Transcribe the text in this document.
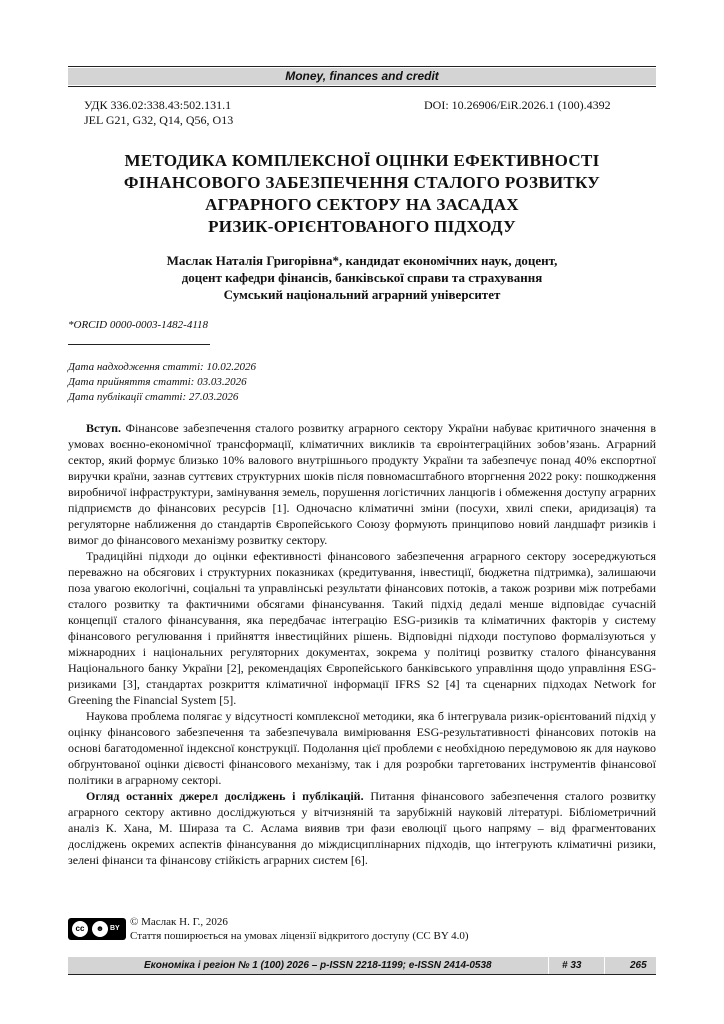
Money, finances and credit
УДК 336.02:338.43:502.131.1
JEL G21, G32, Q14, Q56, O13
DOI: 10.26906/EiR.2026.1 (100).4392
МЕТОДИКА КОМПЛЕКСНОЇ ОЦІНКИ ЕФЕКТИВНОСТІ
ФІНАНСОВОГО ЗАБЕЗПЕЧЕННЯ СТАЛОГО РОЗВИТКУ
АГРАРНОГО СЕКТОРУ НА ЗАСАДАХ
РИЗИК-ОРІЄНТОВАНОГО ПІДХОДУ
Маслак Наталія Григорівна*, кандидат економічних наук, доцент,
доцент кафедри фінансів, банківської справи та страхування
Сумський національний аграрний університет
*ORCID 0000-0003-1482-4118
Дата надходження статті: 10.02.2026
Дата прийняття статті: 03.03.2026
Дата публікації статті: 27.03.2026

Вступ. Фінансове забезпечення сталого розвитку аграрного сектору України набуває критичного значення в умовах воєнно-економічної трансформації, кліматичних викликів та євроінтеграційних зобов’язань. Аграрний сектор, який формує близько 10% валового внутрішнього продукту України та забезпечує понад 40% експортної виручки країни, зазнав суттєвих структурних шоків після повномасштабного вторгнення 2022 року: пошкодження виробничої інфраструктури, замінування земель, порушення логістичних ланцюгів і обмеження доступу аграрних підприємств до фінансових ресурсів [1]. Одночасно кліматичні зміни (посухи, хвилі спеки, аридизація) та регуляторне наближення до стандартів Європейського Союзу формують принципово новий ландшафт ризиків і вимог до фінансового механізму розвитку сектору.

Традиційні підходи до оцінки ефективності фінансового забезпечення аграрного сектору зосереджуються переважно на обсягових і структурних показниках (кредитування, інвестиції, бюджетна підтримка), залишаючи поза увагою екологічні, соціальні та управлінські результати фінансових потоків, а також розриви між потребами сталого розвитку та фактичними обсягами фінансування. Такий підхід дедалі менше відповідає сучасній концепції сталого фінансування, яка передбачає інтеграцію ESG-ризиків та кліматичних факторів у систему фінансового регулювання і прийняття інвестиційних рішень. Відповідні підходи поступово формалізуються у міжнародних і національних регуляторних документах, зокрема у політиці розвитку сталого фінансування Національного банку України [2], рекомендаціях Європейського банківського управління щодо управління ESG-ризиками [3], стандартах розкриття кліматичної інформації IFRS S2 [4] та сценарних підходах Network for Greening the Financial System [5].

Наукова проблема полягає у відсутності комплексної методики, яка б інтегрувала ризик-орієнтований підхід у оцінку фінансового забезпечення та забезпечувала вимірювання ESG-результативності фінансових потоків на основі багатодоменної індексної конструкції. Подолання цієї проблеми є необхідною передумовою як для науково обґрунтованої оцінки дієвості фінансового механізму, так і для розробки таргетованих інструментів фінансової політики в аграрному секторі.

Огляд останніх джерел досліджень і публікацій. Питання фінансового забезпечення сталого розвитку аграрного сектору активно досліджуються у вітчизняній та зарубіжній науковій літературі. Бібліометричний аналіз К. Хана, М. Шираза та С. Аслама виявив три фази еволюції цього напряму – від фрагментованих досліджень окремих аспектів фінансування до міждисциплінарних підходів, що інтегрують кліматичні ризики, зелені фінанси та фінансову стійкість аграрних систем [6].

cc	☻ BY
© Маслак Н. Г., 2026
Стаття поширюється на умовах ліцензії відкритого доступу (CC BY 4.0)
Економіка і регіон № 1 (100) 2026 – p-ISSN 2218-1199; e-ISSN 2414-0538	# 33	265
